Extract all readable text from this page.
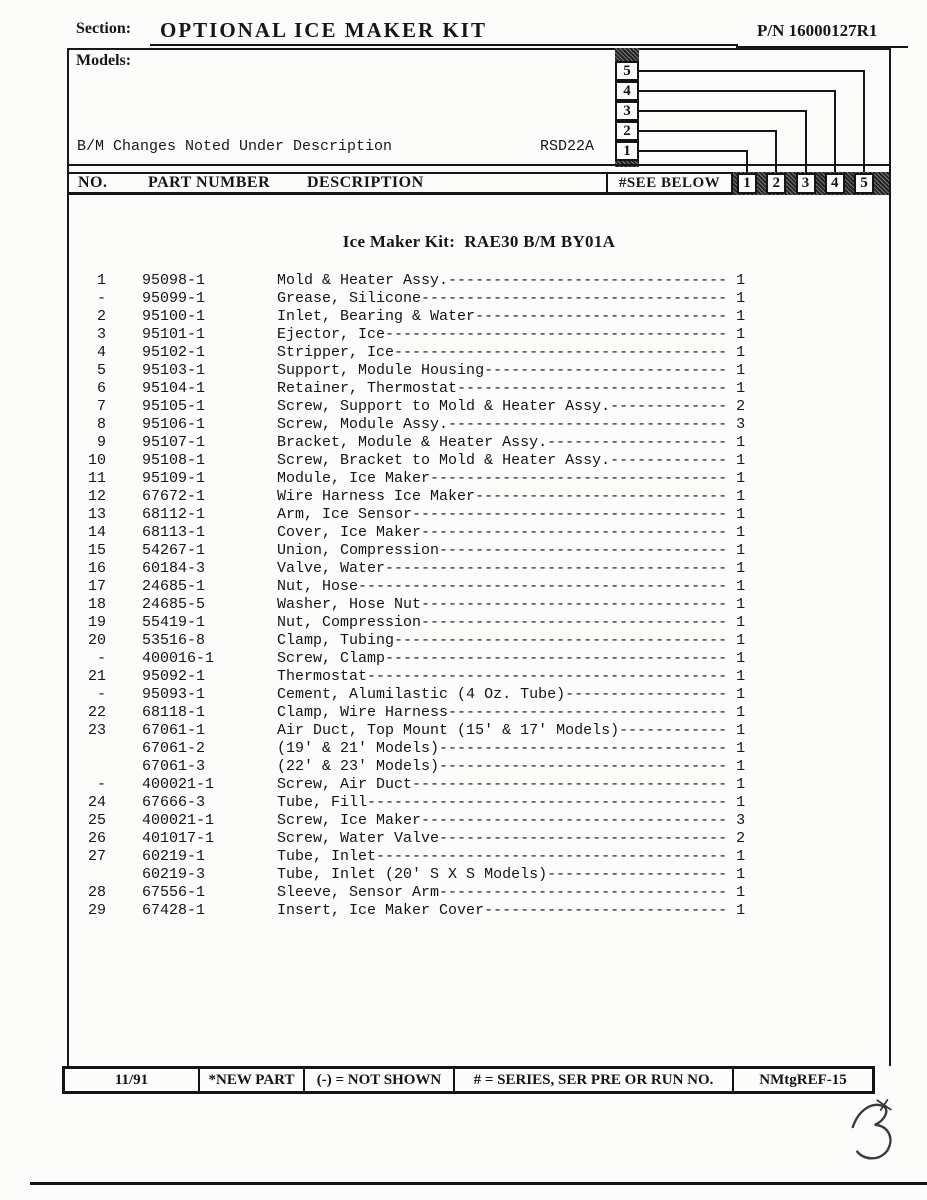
Section: OPTIONAL ICE MAKER KIT	P/N 16000127R1
Models:
B/M Changes Noted Under Description	RSD22A
5
4
3
2
1
NO.	PART NUMBER DESCRIPTION	#SEE BELOW	1	2	3	4	5
Ice Maker Kit:  RAE30 B/M BY01A
1    95098-1        Mold & Heater Assy.------------------------------- 1
-    95099-1        Grease, Silicone---------------------------------- 1
2    95100-1        Inlet, Bearing & Water---------------------------- 1
3    95101-1        Ejector, Ice-------------------------------------- 1
4    95102-1        Stripper, Ice------------------------------------- 1
5    95103-1        Support, Module Housing--------------------------- 1
6    95104-1        Retainer, Thermostat------------------------------ 1
7    95105-1        Screw, Support to Mold & Heater Assy.------------- 2
8    95106-1        Screw, Module Assy.------------------------------- 3
9    95107-1        Bracket, Module & Heater Assy.-------------------- 1
10    95108-1        Screw, Bracket to Mold & Heater Assy.------------- 1
11    95109-1        Module, Ice Maker--------------------------------- 1
12    67672-1        Wire Harness Ice Maker---------------------------- 1
13    68112-1        Arm, Ice Sensor----------------------------------- 1
14    68113-1        Cover, Ice Maker---------------------------------- 1
15    54267-1        Union, Compression-------------------------------- 1
16    60184-3        Valve, Water-------------------------------------- 1
17    24685-1        Nut, Hose----------------------------------------- 1
18    24685-5        Washer, Hose Nut---------------------------------- 1
19    55419-1        Nut, Compression---------------------------------- 1
20    53516-8        Clamp, Tubing------------------------------------- 1
-    400016-1       Screw, Clamp-------------------------------------- 1
21    95092-1        Thermostat---------------------------------------- 1
-    95093-1        Cement, Alumilastic (4 Oz. Tube)------------------ 1
22    68118-1        Clamp, Wire Harness------------------------------- 1
23    67061-1        Air Duct, Top Mount (15' & 17' Models)------------ 1
67061-2        (19' & 21' Models)-------------------------------- 1
67061-3        (22' & 23' Models)-------------------------------- 1
-    400021-1       Screw, Air Duct----------------------------------- 1
24    67666-3        Tube, Fill---------------------------------------- 1
25    400021-1       Screw, Ice Maker---------------------------------- 3
26    401017-1       Screw, Water Valve-------------------------------- 2
27    60219-1        Tube, Inlet--------------------------------------- 1
60219-3        Tube, Inlet (20' S X S Models)-------------------- 1
28    67556-1        Sleeve, Sensor Arm-------------------------------- 1
29    67428-1        Insert, Ice Maker Cover--------------------------- 1
11/91	*NEW PART	(-) = NOT SHOWN	# = SERIES, SER PRE OR RUN NO.	NMtgREF-15
